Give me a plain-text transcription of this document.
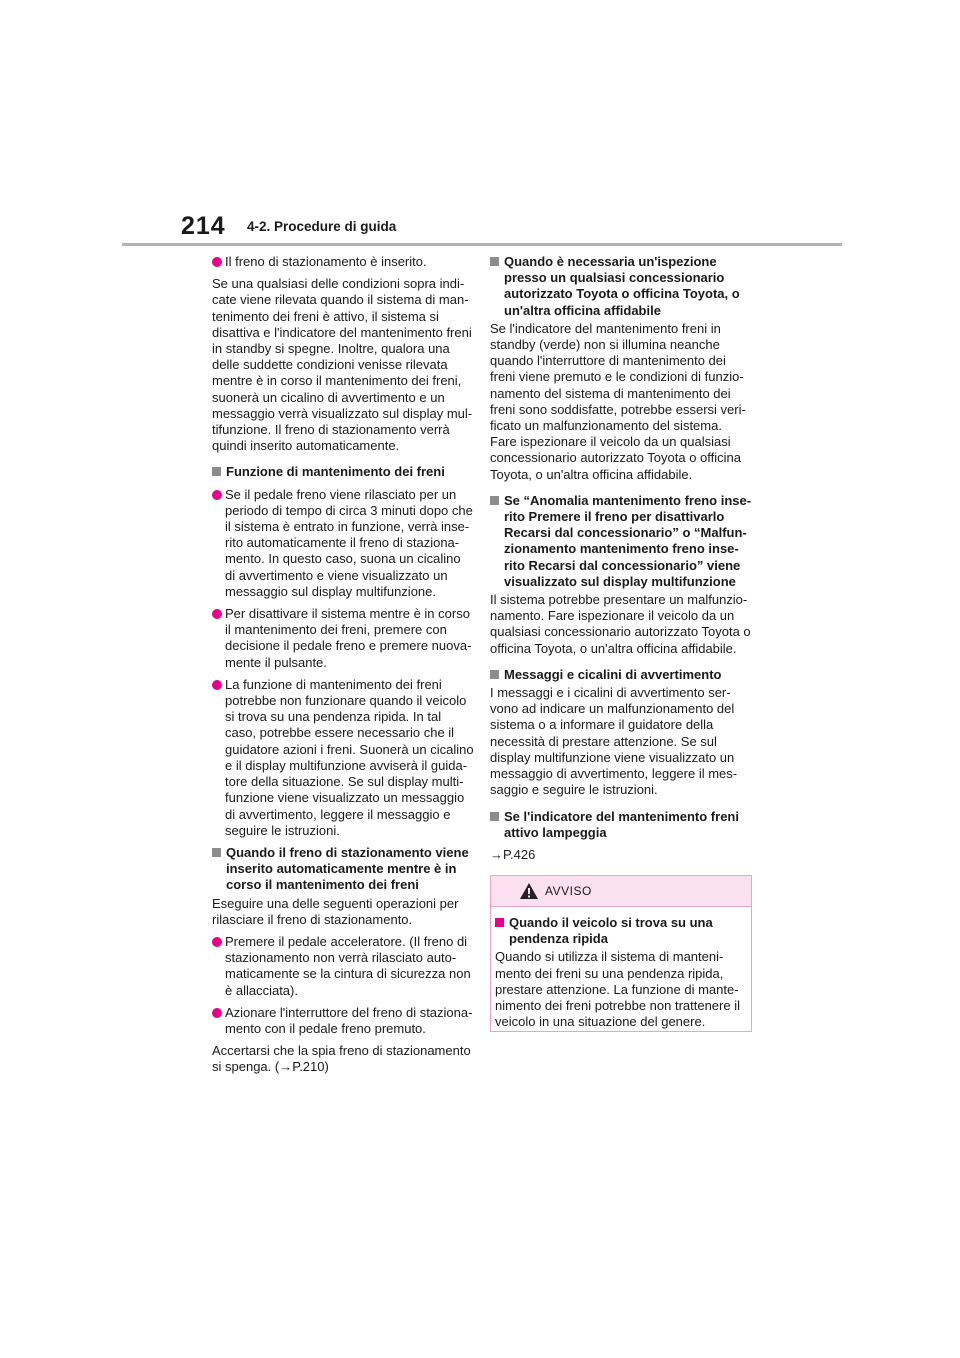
214 4-2. Procedure di guida
Il freno di stazionamento è inserito.
Se una qualsiasi delle condizioni sopra indi-
cate viene rilevata quando il sistema di man-
tenimento dei freni è attivo, il sistema si
disattiva e l'indicatore del mantenimento freni
in standby si spegne. Inoltre, qualora una
delle suddette condizioni venisse rilevata
mentre è in corso il mantenimento dei freni,
suonerà un cicalino di avvertimento e un
messaggio verrà visualizzato sul display mul-
tifunzione. Il freno di stazionamento verrà
quindi inserito automaticamente.
Funzione di mantenimento dei freni
Se il pedale freno viene rilasciato per un
periodo di tempo di circa 3 minuti dopo che
il sistema è entrato in funzione, verrà inse-
rito automaticamente il freno di staziona-
mento. In questo caso, suona un cicalino
di avvertimento e viene visualizzato un
messaggio sul display multifunzione.
Per disattivare il sistema mentre è in corso
il mantenimento dei freni, premere con
decisione il pedale freno e premere nuova-
mente il pulsante.
La funzione di mantenimento dei freni
potrebbe non funzionare quando il veicolo
si trova su una pendenza ripida. In tal
caso, potrebbe essere necessario che il
guidatore azioni i freni. Suonerà un cicalino
e il display multifunzione avviserà il guida-
tore della situazione. Se sul display multi-
funzione viene visualizzato un messaggio
di avvertimento, leggere il messaggio e
seguire le istruzioni.
Quando il freno di stazionamento viene
inserito automaticamente mentre è in
corso il mantenimento dei freni
Eseguire una delle seguenti operazioni per
rilasciare il freno di stazionamento.
Premere il pedale acceleratore. (Il freno di
stazionamento non verrà rilasciato auto-
maticamente se la cintura di sicurezza non
è allacciata).
Azionare l'interruttore del freno di staziona-
mento con il pedale freno premuto.
Accertarsi che la spia freno di stazionamento
si spenga. (→P.210)
Quando è necessaria un'ispezione
presso un qualsiasi concessionario
autorizzato Toyota o officina Toyota, o
un'altra officina affidabile
Se l'indicatore del mantenimento freni in
standby (verde) non si illumina neanche
quando l'interruttore di mantenimento dei
freni viene premuto e le condizioni di funzio-
namento del sistema di mantenimento dei
freni sono soddisfatte, potrebbe essersi veri-
ficato un malfunzionamento del sistema.
Fare ispezionare il veicolo da un qualsiasi
concessionario autorizzato Toyota o officina
Toyota, o un'altra officina affidabile.
Se “Anomalia mantenimento freno inse-
rito Premere il freno per disattivarlo
Recarsi dal concessionario” o “Malfun-
zionamento mantenimento freno inse-
rito Recarsi dal concessionario” viene
visualizzato sul display multifunzione
Il sistema potrebbe presentare un malfunzio-
namento. Fare ispezionare il veicolo da un
qualsiasi concessionario autorizzato Toyota o
officina Toyota, o un'altra officina affidabile.
Messaggi e cicalini di avvertimento
I messaggi e i cicalini di avvertimento ser-
vono ad indicare un malfunzionamento del
sistema o a informare il guidatore della
necessità di prestare attenzione. Se sul
display multifunzione viene visualizzato un
messaggio di avvertimento, leggere il mes-
saggio e seguire le istruzioni.
Se l'indicatore del mantenimento freni
attivo lampeggia
→P.426
AVVISO
Quando il veicolo si trova su una
pendenza ripida
Quando si utilizza il sistema di manteni-
mento dei freni su una pendenza ripida,
prestare attenzione. La funzione di mante-
nimento dei freni potrebbe non trattenere il
veicolo in una situazione del genere.
